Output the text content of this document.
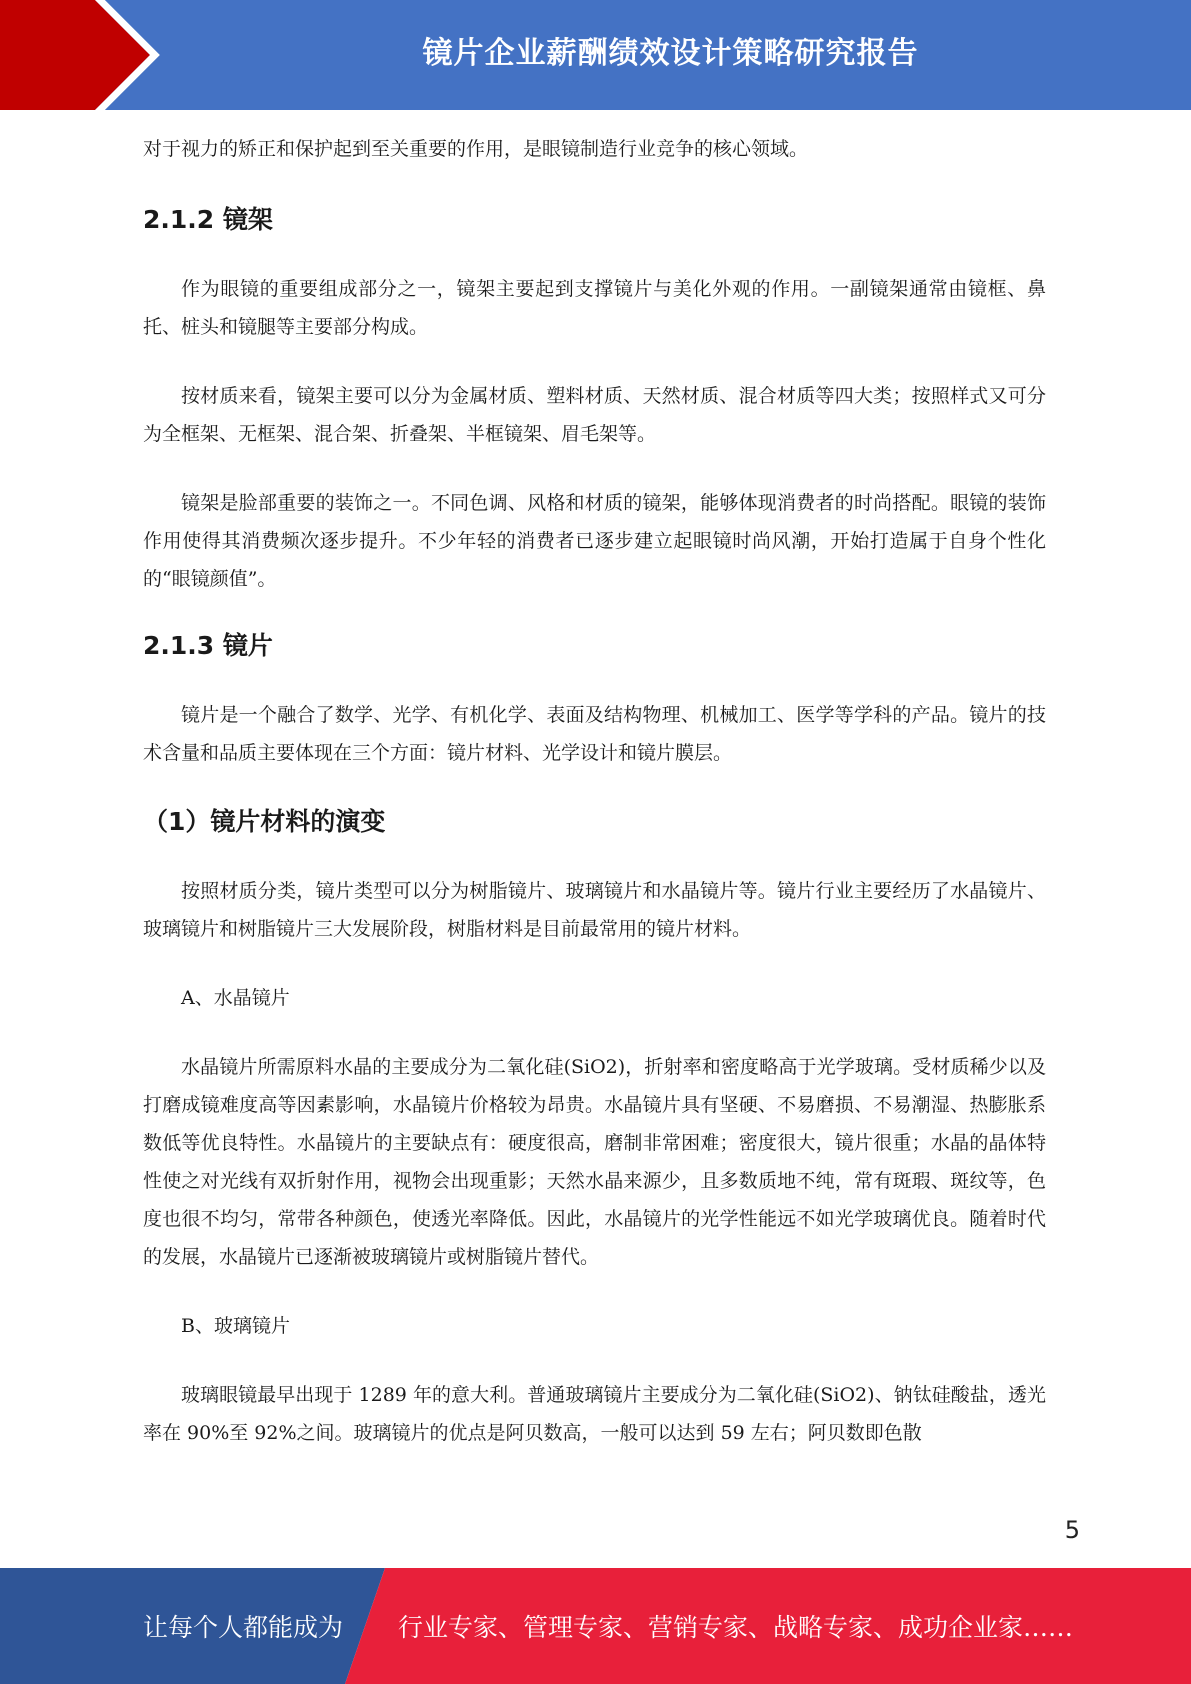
镜片企业薪酬绩效设计策略研究报告

对于视力的矫正和保护起到至关重要的作用，是眼镜制造行业竞争的核心领域。

2.1.2 镜架

作为眼镜的重要组成部分之一，镜架主要起到支撑镜片与美化外观的作用。一副镜架通常由镜框、鼻托、桩头和镜腿等主要部分构成。

按材质来看，镜架主要可以分为金属材质、塑料材质、天然材质、混合材质等四大类；按照样式又可分为全框架、无框架、混合架、折叠架、半框镜架、眉毛架等。

镜架是脸部重要的装饰之一。不同色调、风格和材质的镜架，能够体现消费者的时尚搭配。眼镜的装饰作用使得其消费频次逐步提升。不少年轻的消费者已逐步建立起眼镜时尚风潮，开始打造属于自身个性化的“眼镜颜值”。

2.1.3 镜片

镜片是一个融合了数学、光学、有机化学、表面及结构物理、机械加工、医学等学科的产品。镜片的技术含量和品质主要体现在三个方面：镜片材料、光学设计和镜片膜层。

（1）镜片材料的演变

按照材质分类，镜片类型可以分为树脂镜片、玻璃镜片和水晶镜片等。镜片行业主要经历了水晶镜片、玻璃镜片和树脂镜片三大发展阶段，树脂材料是目前最常用的镜片材料。

A、水晶镜片

水晶镜片所需原料水晶的主要成分为二氧化硅(SiO2)，折射率和密度略高于光学玻璃。受材质稀少以及打磨成镜难度高等因素影响，水晶镜片价格较为昂贵。水晶镜片具有坚硬、不易磨损、不易潮湿、热膨胀系数低等优良特性。水晶镜片的主要缺点有：硬度很高，磨制非常困难；密度很大，镜片很重；水晶的晶体特性使之对光线有双折射作用，视物会出现重影；天然水晶来源少，且多数质地不纯，常有斑瑕、斑纹等，色度也很不均匀，常带各种颜色，使透光率降低。因此，水晶镜片的光学性能远不如光学玻璃优良。随着时代的发展，水晶镜片已逐渐被玻璃镜片或树脂镜片替代。

B、玻璃镜片

玻璃眼镜最早出现于 1289 年的意大利。普通玻璃镜片主要成分为二氧化硅(SiO2)、钠钛硅酸盐，透光率在 90%至 92%之间。玻璃镜片的优点是阿贝数高，一般可以达到 59 左右；阿贝数即色散

5
让每个人都能成为 行业专家、管理专家、营销专家、战略专家、成功企业家……
